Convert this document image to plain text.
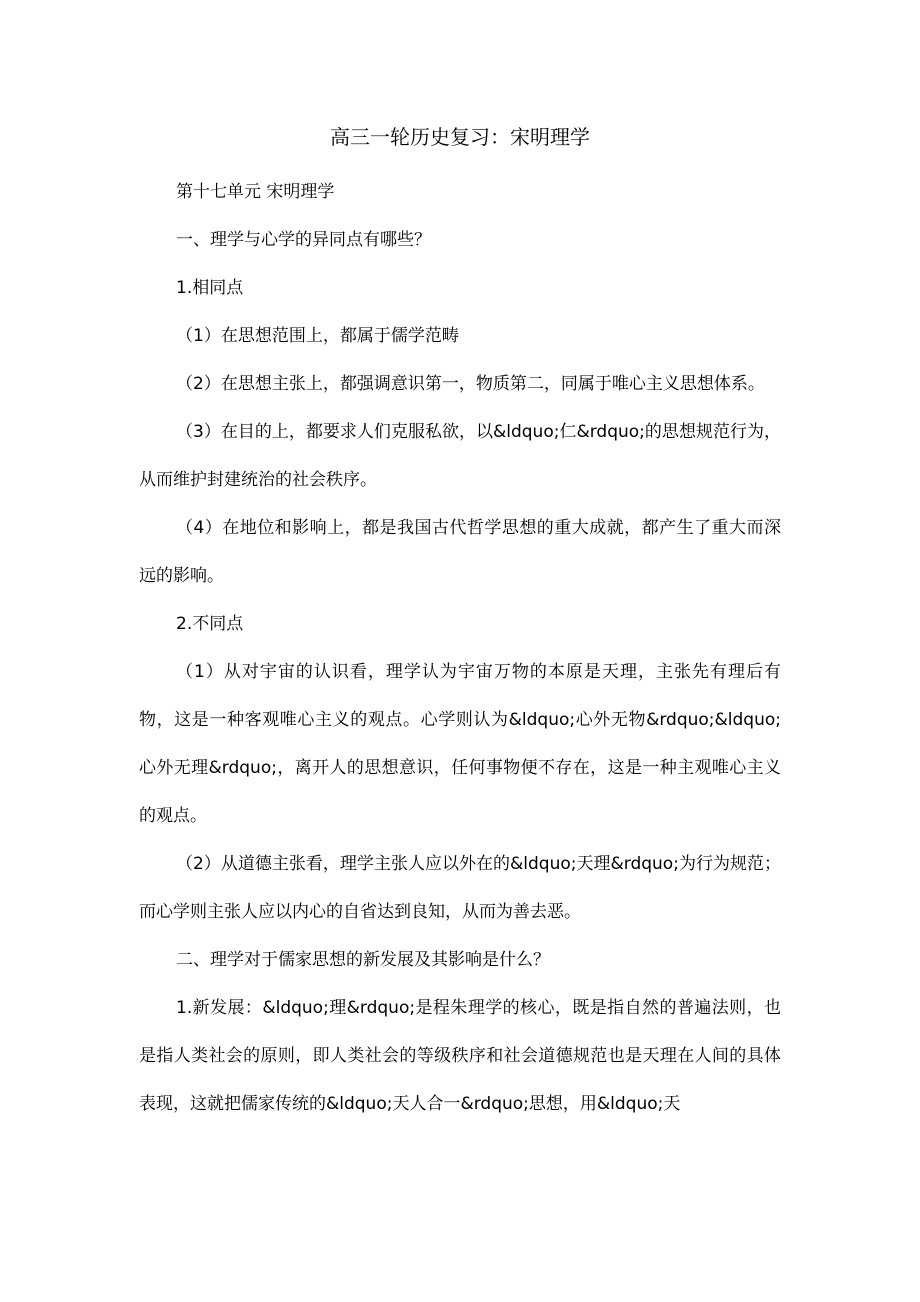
高三一轮历史复习：宋明理学

第十七单元 宋明理学

一、理学与心学的异同点有哪些？

1.相同点

（1）在思想范围上，都属于儒学范畴

（2）在思想主张上，都强调意识第一，物质第二，同属于唯心主义思想体系。

（3）在目的上，都要求人们克服私欲，以&ldquo;仁&rdquo;的思想规范行为，从而维护封建统治的社会秩序。

（4）在地位和影响上，都是我国古代哲学思想的重大成就，都产生了重大而深远的影响。

2.不同点

（1）从对宇宙的认识看，理学认为宇宙万物的本原是天理，主张先有理后有物，这是一种客观唯心主义的观点。心学则认为&ldquo;心外无物&rdquo;&ldquo;心外无理&rdquo;，离开人的思想意识，任何事物便不存在，这是一种主观唯心主义的观点。

（2）从道德主张看，理学主张人应以外在的&ldquo;天理&rdquo;为行为规范；而心学则主张人应以内心的自省达到良知，从而为善去恶。

二、理学对于儒家思想的新发展及其影响是什么？

1.新发展：&ldquo;理&rdquo;是程朱理学的核心，既是指自然的普遍法则，也是指人类社会的原则，即人类社会的等级秩序和社会道德规范也是天理在人间的具体表现，这就把儒家传统的&ldquo;天人合一&rdquo;思想，用&ldquo;天
